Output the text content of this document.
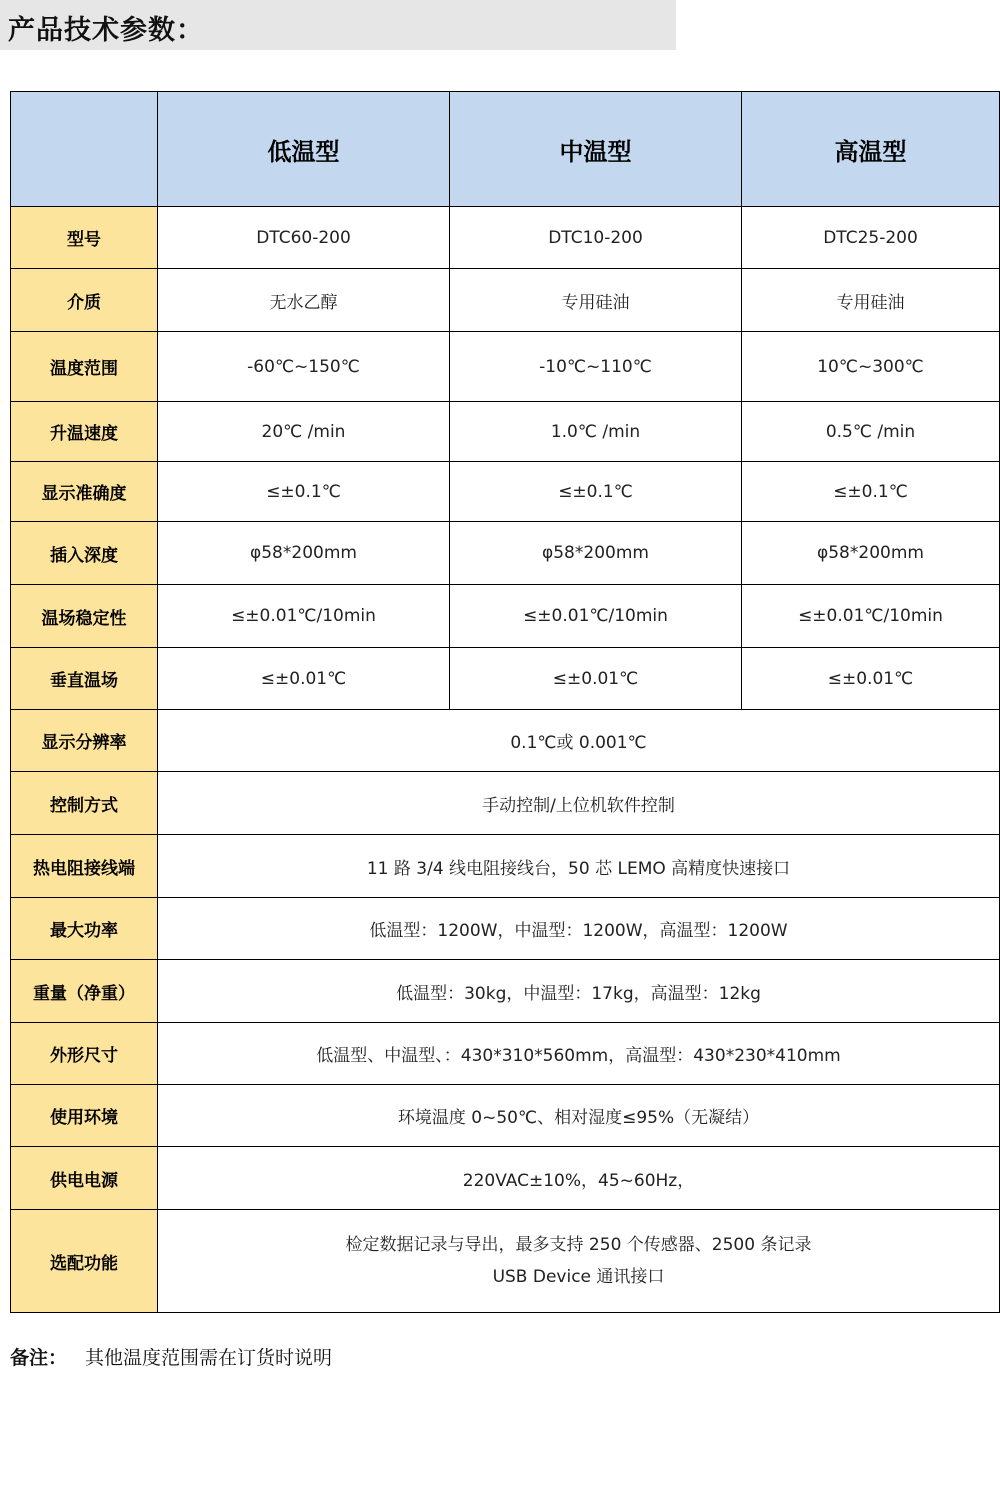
产品技术参数：
	低温型	中温型	高温型
型号	DTC60-200	DTC10-200	DTC25-200
介质	无水乙醇	专用硅油	专用硅油
温度范围	-60℃~150℃	-10℃~110℃	10℃~300℃
升温速度	20℃ /min	1.0℃ /min	0.5℃ /min
显示准确度	≤±0.1℃	≤±0.1℃	≤±0.1℃
插入深度	φ58*200mm	φ58*200mm	φ58*200mm
温场稳定性	≤±0.01℃/10min	≤±0.01℃/10min	≤±0.01℃/10min
垂直温场	≤±0.01℃	≤±0.01℃	≤±0.01℃
显示分辨率	0.1℃或 0.001℃		
控制方式	手动控制/上位机软件控制		
热电阻接线端	11 路 3/4 线电阻接线台，50 芯 LEMO 高精度快速接口		
最大功率	低温型：1200W，中温型：1200W，高温型：1200W		
重量（净重）	低温型：30kg，中温型：17kg，高温型：12kg		
外形尺寸	低温型、中温型、：430*310*560mm，高温型：430*230*410mm		
使用环境	环境温度 0~50℃、相对湿度≤95%（无凝结）		
供电电源	220VAC±10%，45~60Hz，		
选配功能	检定数据记录与导出，最多支持 250 个传感器、2500 条记录
USB Device 通讯接口		
备注： 其他温度范围需在订货时说明
